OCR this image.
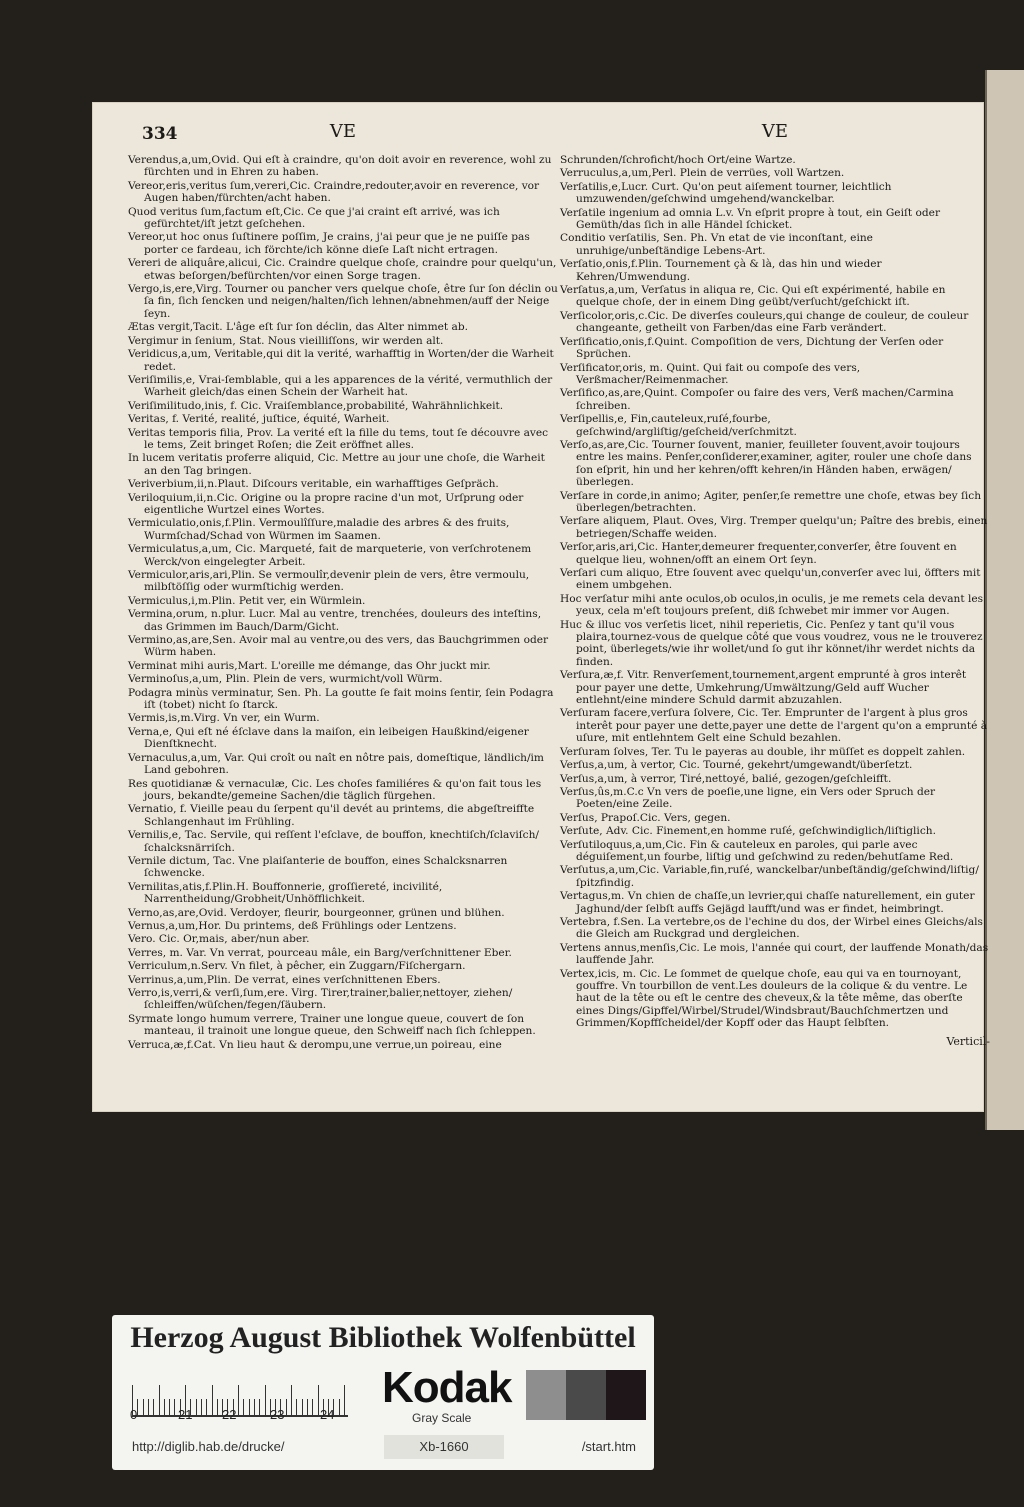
334	VE
Verendus,a,um,Ovid. Qui eſt à craindre, qu'on doit avoir en reverence, wohl zu fürchten und in Ehren zu haben.
Vereor,eris,veritus ſum,vereri,Cic. Craindre,redouter,avoir en reverence, vor Augen haben/fürchten/acht haben.
Quod veritus ſum,factum eſt,Cic. Ce que j'ai craint eſt arrivé, was ich gefürchtet/iſt jetzt geſchehen.
Vereor,ut hoc onus ſuſtinere poſſim, Je crains, j'ai peur que je ne puiſſe pas porter ce fardeau, ich förchte/ich könne dieſe Laſt nicht ertragen.
Vereri de aliquâre,alicui, Cic. Craindre quelque choſe, craindre pour quelqu'un, etwas beſorgen/befürchten/vor einen Sorge tragen.
Vergo,is,ere,Virg. Tourner ou pancher vers quelque choſe, être ſur ſon déclin ou ſa fin, ſich ſencken und neigen/halten/ſich lehnen/abnehmen/auff der Neige ſeyn.
Ætas vergit,Tacit. L'âge eſt ſur ſon déclin, das Alter nimmet ab.
Vergimur in ſenium, Stat. Nous vieilliſſons, wir werden alt.
Veridicus,a,um, Veritable,qui dit la verité, warhafftig in Worten/der die Warheit redet.
Veriſimilis,e, Vrai-ſemblable, qui a les apparences de la vérité, vermuthlich der Warheit gleich/das einen Schein der Warheit hat.
Veriſimilitudo,inis, f. Cic. Vraiſemblance,probabilité, Wahrähnlichkeit.
Veritas, f. Verité, realité, juſtice, équité, Warheit.
Veritas temporis filia, Prov. La verité eſt la fille du tems, tout ſe découvre avec le tems, Zeit bringet Roſen; die Zeit eröffnet alles.
In lucem veritatis proferre aliquid, Cic. Mettre au jour une choſe, die Warheit an den Tag bringen.
Veriverbium,ii,n.Plaut. Diſcours veritable, ein warhafftiges Geſpräch.
Veriloquium,ii,n.Cic. Origine ou la propre racine d'un mot, Urſprung oder eigentliche Wurtzel eines Wortes.
Vermiculatio,onis,f.Plin. Vermoulîſſure,maladie des arbres & des fruits, Wurmſchad/Schad von Würmen im Saamen.
Vermiculatus,a,um, Cic. Marqueté, fait de marqueterie, von verſchrotenem Werck/von eingelegter Arbeit.
Vermiculor,aris,ari,Plin. Se vermoulîr,devenir plein de vers, être vermoulu, milbſtöſſig oder wurmſtichig werden.
Vermiculus,i,m.Plin. Petit ver, ein Würmlein.
Vermina,orum, n.plur. Lucr. Mal au ventre, trenchées, douleurs des inteſtins, das Grimmen im Bauch/Darm/Gicht.
Vermino,as,are,Sen. Avoir mal au ventre,ou des vers, das Bauchgrimmen oder Würm haben.
Verminat mihi auris,Mart. L'oreille me démange, das Ohr juckt mir.
Verminoſus,a,um, Plin. Plein de vers, wurmicht/voll Würm.
Podagra minùs verminatur, Sen. Ph. La goutte ſe fait moins ſentir, ſein Podagra iſt (tobet) nicht ſo ſtarck.
Vermis,is,m.Virg. Vn ver, ein Wurm.
Verna,e, Qui eſt né éſclave dans la maiſon, ein leibeigen Haußkind/eigener Dienſtknecht.
Vernaculus,a,um, Var. Qui croît ou naît en nôtre pais, domeſtique, ländlich/im Land gebohren.
Res quotidianæ & vernaculæ, Cic. Les choſes familiéres & qu'on fait tous les jours, bekandte/gemeine Sachen/die täglich fürgehen.
Vernatio, f. Vieille peau du ſerpent qu'il devét au printems, die abgeſtreiffte Schlangenhaut im Frühling.
Vernilis,e, Tac. Servile, qui reſſent l'eſclave, de bouffon, knechtiſch/ſclaviſch/ſchalcksnärriſch.
Vernile dictum, Tac. Vne plaiſanterie de bouffon, eines Schalcksnarren ſchwencke.
Vernilitas,atis,f.Plin.H. Bouffonnerie, groſſiereté, incivilité, Narrentheidung/Grobheit/Unhöfflichkeit.
Verno,as,are,Ovid. Verdoyer, fleurir, bourgeonner, grünen und blühen.
Vernus,a,um,Hor. Du printems, deß Frühlings oder Lentzens.
Vero. Cic. Or,mais, aber/nun aber.
Verres, m. Var. Vn verrat, pourceau mâle, ein Barg/verſchnittener Eber.
Verriculum,n.Serv. Vn filet, à pêcher, ein Zuggarn/Fiſchergarn.
Verrinus,a,um,Plin. De verrat, eines verſchnittenen Ebers.
Verro,is,verri,& verſi,ſum,ere. Virg. Tirer,trainer,balier,nettoyer, ziehen/ſchleiffen/wüſchen/fegen/ſäubern.
Syrmate longo humum verrere, Trainer une longue queue, couvert de ſon manteau, il trainoit une longue queue, den Schweiff nach ſich ſchleppen.
Verruca,æ,f.Cat. Vn lieu haut & derompu,une verrue,un poireau, eine
VE
Schrunden/ſchroficht/hoch Ort/eine Wartze.
Verruculus,a,um,Perl. Plein de verrües, voll Wartzen.
Verſatilis,e,Lucr. Curt. Qu'on peut aiſement tourner, leichtlich umzuwenden/geſchwind umgehend/wanckelbar.
Verſatile ingenium ad omnia L.v. Vn eſprit propre à tout, ein Geiſt oder Gemüth/das ſich in alle Händel ſchicket.
Conditio verſatilis, Sen. Ph. Vn etat de vie inconſtant, eine unruhige/unbeſtändige Lebens-Art.
Verſatio,onis,f.Plin. Tournement çà & là, das hin und wieder Kehren/Umwendung.
Verſatus,a,um, Verſatus in aliqua re, Cic. Qui eſt expérimenté, habile en quelque choſe, der in einem Ding geübt/verſucht/geſchickt iſt.
Verſicolor,oris,c.Cic. De diverſes couleurs,qui change de couleur, de couleur changeante, getheilt von Farben/das eine Farb verändert.
Verſificatio,onis,f.Quint. Compoſition de vers, Dichtung der Verſen oder Sprüchen.
Verſificator,oris, m. Quint. Qui fait ou compoſe des vers, Verßmacher/Reimenmacher.
Verſifico,as,are,Quint. Compoſer ou faire des vers, Verß machen/Carmina ſchreiben.
Verſipellis,e, Fin,cauteleux,ruſé,fourbe, geſchwind/argliſtig/geſcheid/verſchmitzt.
Verſo,as,are,Cic. Tourner ſouvent, manier, feuilleter ſouvent,avoir toujours entre les mains. Penſer,conſiderer,examiner, agiter, rouler une choſe dans ſon eſprit, hin und her kehren/offt kehren/in Händen haben, erwägen/überlegen.
Verſare in corde,in animo; Agiter, penſer,ſe remettre une choſe, etwas bey ſich überlegen/betrachten.
Verſare aliquem, Plaut. Oves, Virg. Tremper quelqu'un; Paître des brebis, einen betriegen/Schaffe weiden.
Verſor,aris,ari,Cic. Hanter,demeurer frequenter,converſer, être ſouvent en quelque lieu, wohnen/offt an einem Ort ſeyn.
Verſari cum aliquo, Etre ſouvent avec quelqu'un,converſer avec lui, öffters mit einem umbgehen.
Hoc verſatur mihi ante oculos,ob oculos,in oculis, je me remets cela devant les yeux, cela m'eſt toujours preſent, diß ſchwebet mir immer vor Augen.
Huc & illuc vos verſetis licet, nihil reperietis, Cic. Penſez y tant qu'il vous plaira,tournez-vous de quelque côté que vous voudrez, vous ne le trouverez point, überlegets/wie ihr wollet/und ſo gut ihr könnet/ihr werdet nichts da finden.
Verſura,æ,f. Vitr. Renverſement,tournement,argent emprunté à gros interêt pour payer une dette, Umkehrung/Umwältzung/Geld auff Wucher entlehnt/eine mindere Schuld darmit abzuzahlen.
Verſuram facere,verſura ſolvere, Cic. Ter. Emprunter de l'argent à plus gros interêt pour payer une dette,payer une dette de l'argent qu'on a emprunté à uſure, mit entlehntem Gelt eine Schuld bezahlen.
Verſuram ſolves, Ter. Tu le payeras au double, ihr müſſet es doppelt zahlen.
Verſus,a,um, à vertor, Cic. Tourné, gekehrt/umgewandt/überſetzt.
Verſus,a,um, à verror, Tiré,nettoyé, balié, gezogen/geſchleifft.
Verſus,ûs,m.C.c Vn vers de poeſie,une ligne, ein Vers oder Spruch der Poeten/eine Zeile.
Verſus, Prapoſ.Cic. Vers, gegen.
Verſute, Adv. Cic. Finement,en homme ruſé, geſchwindiglich/liſtiglich.
Verſutiloquus,a,um,Cic. Fin & cauteleux en paroles, qui parle avec déguiſement,un fourbe, liſtig und geſchwind zu reden/behutſame Red.
Verſutus,a,um,Cic. Variable,fin,ruſé, wanckelbar/unbeſtändig/geſchwind/liſtig/ſpitzfindig.
Vertagus,m. Vn chien de chaſſe,un levrier,qui chaſſe naturellement, ein guter Jaghund/der ſelbſt auffs Gejägd laufft/und was er findet, heimbringt.
Vertebra, f.Sen. La vertebre,os de l'echine du dos, der Wirbel eines Gleichs/als die Gleich am Ruckgrad und dergleichen.
Vertens annus,menſis,Cic. Le mois, l'année qui court, der lauffende Monath/das lauffende Jahr.
Vertex,icis, m. Cic. Le ſommet de quelque choſe, eau qui va en tournoyant, gouffre. Vn tourbillon de vent.Les douleurs de la colique & du ventre. Le haut de la tête ou eſt le centre des cheveux,& la tête même, das oberſte eines Dings/Gipffel/Wirbel/Strudel/Windsbraut/Bauchſchmertzen und Grimmen/Kopffſcheidel/der Kopff oder das Haupt ſelbſten.
Verticil-
Herzog August Bibliothek Wolfenbüttel
0	21 22	23	24
Kodak
Gray Scale
http://diglib.hab.de/drucke/	Xb-1660	/start.htm
